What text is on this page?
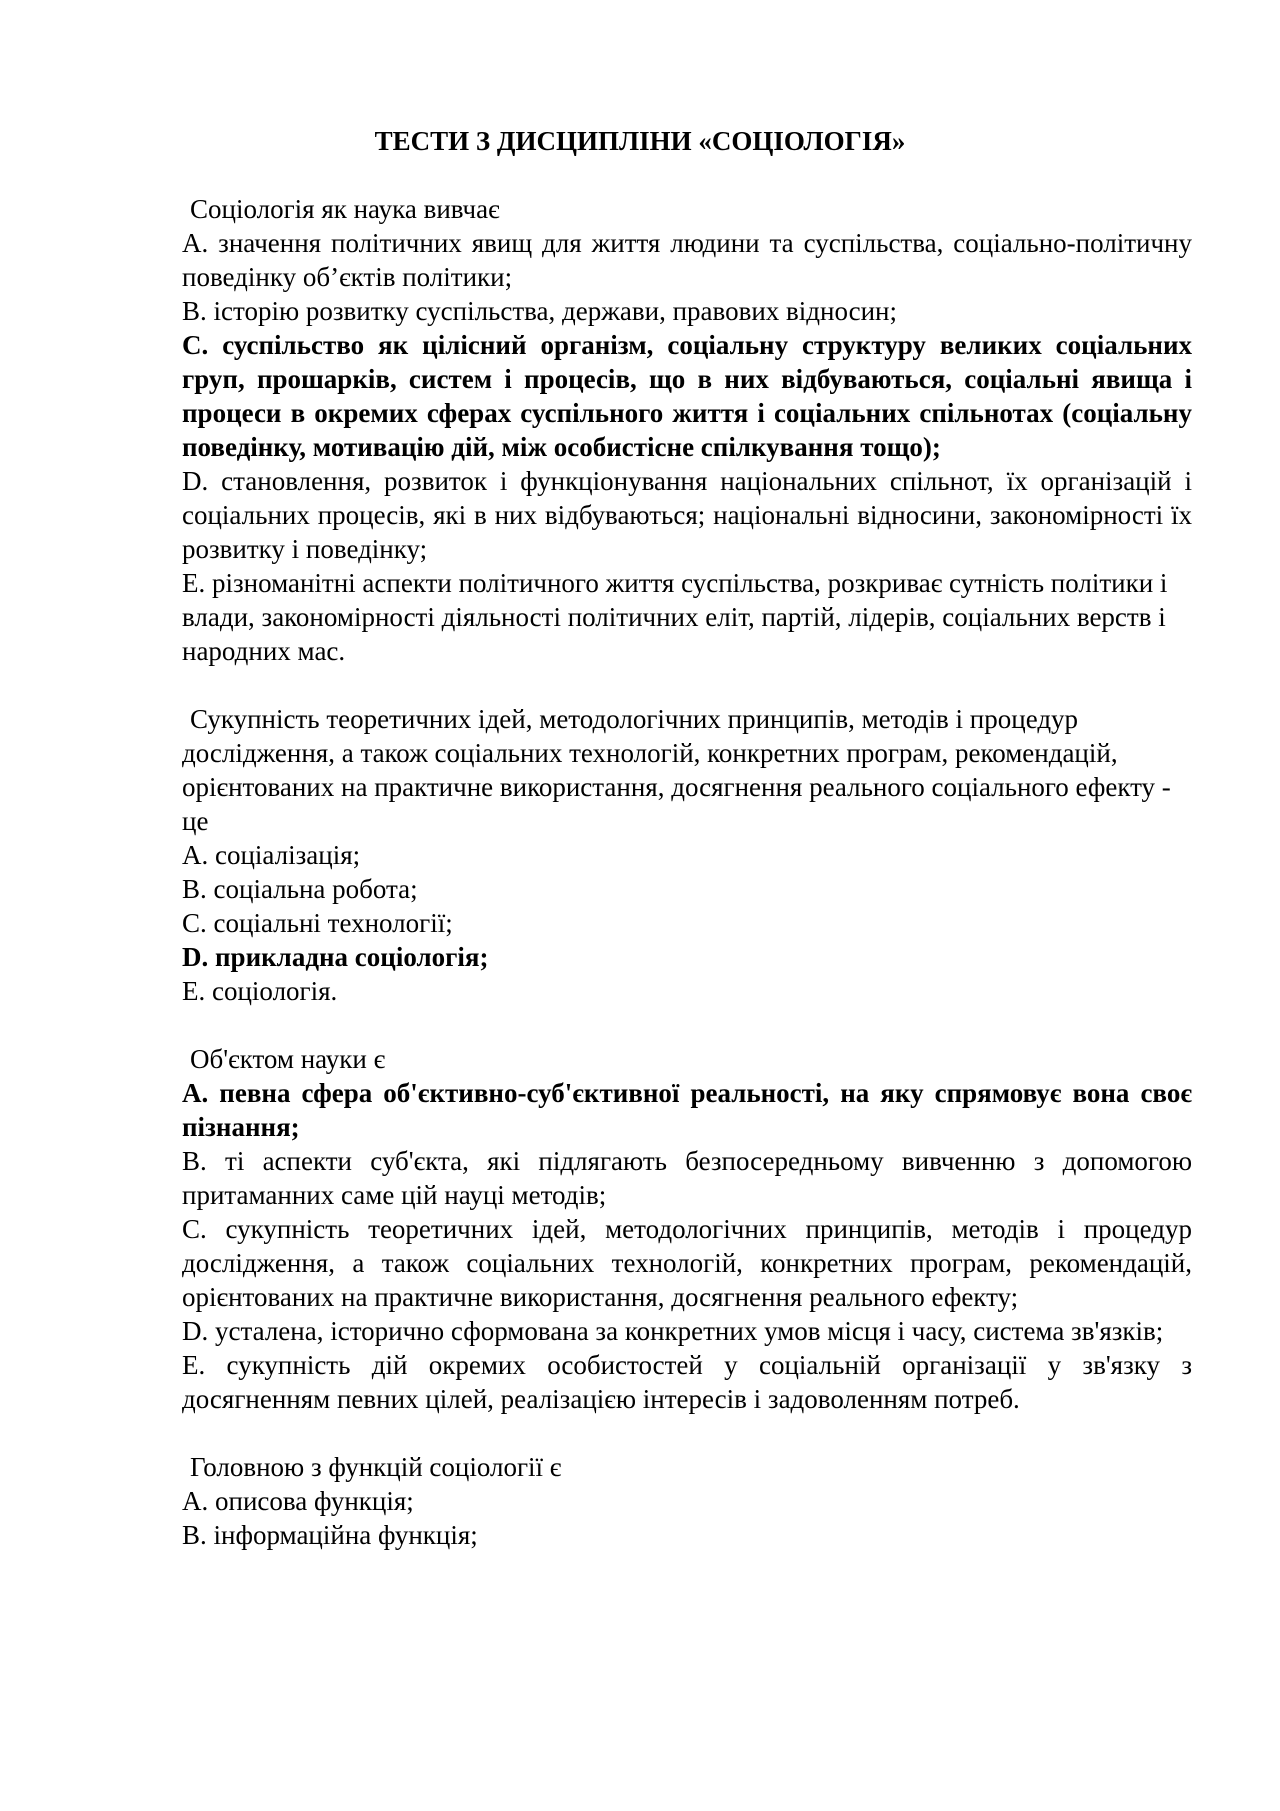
ТЕСТИ З ДИСЦИПЛІНИ «СОЦІОЛОГІЯ»

Соціологія як наука вивчає

А. значення політичних явищ для життя людини та суспільства, соціально-політичну поведінку об’єктів політики;

В. історію розвитку суспільства, держави, правових відносин;

С. суспільство як цілісний організм, соціальну структуру великих соціальних груп, прошарків, систем і процесів, що в них відбуваються, соціальні явища і процеси в окремих сферах суспільного життя і соціальних спільнотах (соціальну поведінку, мотивацію дій, між особистісне спілкування тощо);

D. становлення, розвиток і функціонування національних спільнот, їх організацій і соціальних процесів, які в них відбуваються; національні відносини, закономірності їх розвитку і поведінку;

Е. різноманітні аспекти політичного життя суспільства, розкриває сутність політики і влади, закономірності діяльності політичних еліт, партій, лідерів, соціальних верств і народних мас.

Сукупність теоретичних ідей, методологічних принципів, методів і процедур дослідження, а також соціальних технологій, конкретних програм, рекомендацій, орієнтованих на практичне використання, досягнення реального соціального ефекту - це

А. соціалізація;

В. соціальна робота;

С. соціальні технології;

D. прикладна соціологія;

Е. соціологія.

Об'єктом науки є

А. певна сфера об'єктивно-суб'єктивної реальності, на яку спрямовує вона своє пізнання;

В. ті аспекти суб'єкта, які підлягають безпосередньому вивченню з допомогою притаманних саме цій науці методів;

С. сукупність теоретичних ідей, методологічних принципів, методів і процедур дослідження, а також соціальних технологій, конкретних програм, рекомендацій, орієнтованих на практичне використання, досягнення реального ефекту;

D. усталена, історично сформована за конкретних умов місця і часу, система зв'язків;

Е. сукупність дій окремих особистостей у соціальній організації у зв'язку з досягненням певних цілей, реалізацією інтересів і задоволенням потреб.

Головною з функцій соціології є

А. описова функція;

В. інформаційна функція;
